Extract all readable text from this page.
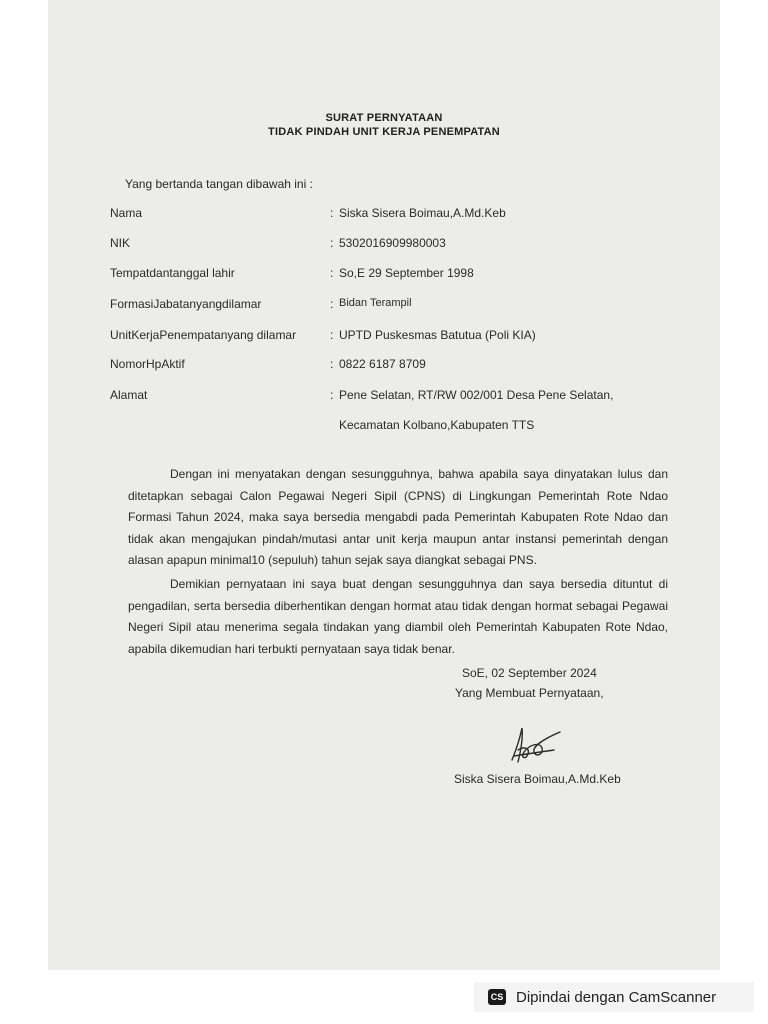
SURAT PERNYATAAN
TIDAK PINDAH UNIT KERJA PENEMPATAN
Yang bertanda tangan dibawah ini :
Nama	: Siska Sisera Boimau,A.Md.Keb
NIK	: 5302016909980003
Tempatdantanggal lahir	: So,E 29 September 1998
FormasiJabatanyangdilamar	: Bidan Terampil
UnitKerjaPenempatanyang dilamar	: UPTD Puskesmas Batutua (Poli KIA)
NomorHpAktif	: 0822 6187 8709
Alamat	: Pene Selatan, RT/RW 002/001 Desa Pene Selatan,
Kecamatan Kolbano,Kabupaten TTS
Dengan ini menyatakan dengan sesungguhnya, bahwa apabila saya dinyatakan lulus dan ditetapkan sebagai Calon Pegawai Negeri Sipil (CPNS) di Lingkungan Pemerintah Rote Ndao Formasi Tahun 2024, maka saya bersedia mengabdi pada Pemerintah Kabupaten Rote Ndao dan tidak akan mengajukan pindah/mutasi antar unit kerja maupun antar instansi pemerintah dengan alasan apapun minimal10 (sepuluh) tahun sejak saya diangkat sebagai PNS.
Demikian pernyataan ini saya buat dengan sesungguhnya dan saya bersedia dituntut di pengadilan, serta bersedia diberhentikan dengan hormat atau tidak dengan hormat sebagai Pegawai Negeri Sipil atau menerima segala tindakan yang diambil oleh Pemerintah Kabupaten Rote Ndao, apabila dikemudian hari terbukti pernyataan saya tidak benar.
SoE, 02 September 2024
Yang Membuat Pernyataan,
Siska Sisera Boimau,A.Md.Keb
CS Dipindai dengan CamScanner
